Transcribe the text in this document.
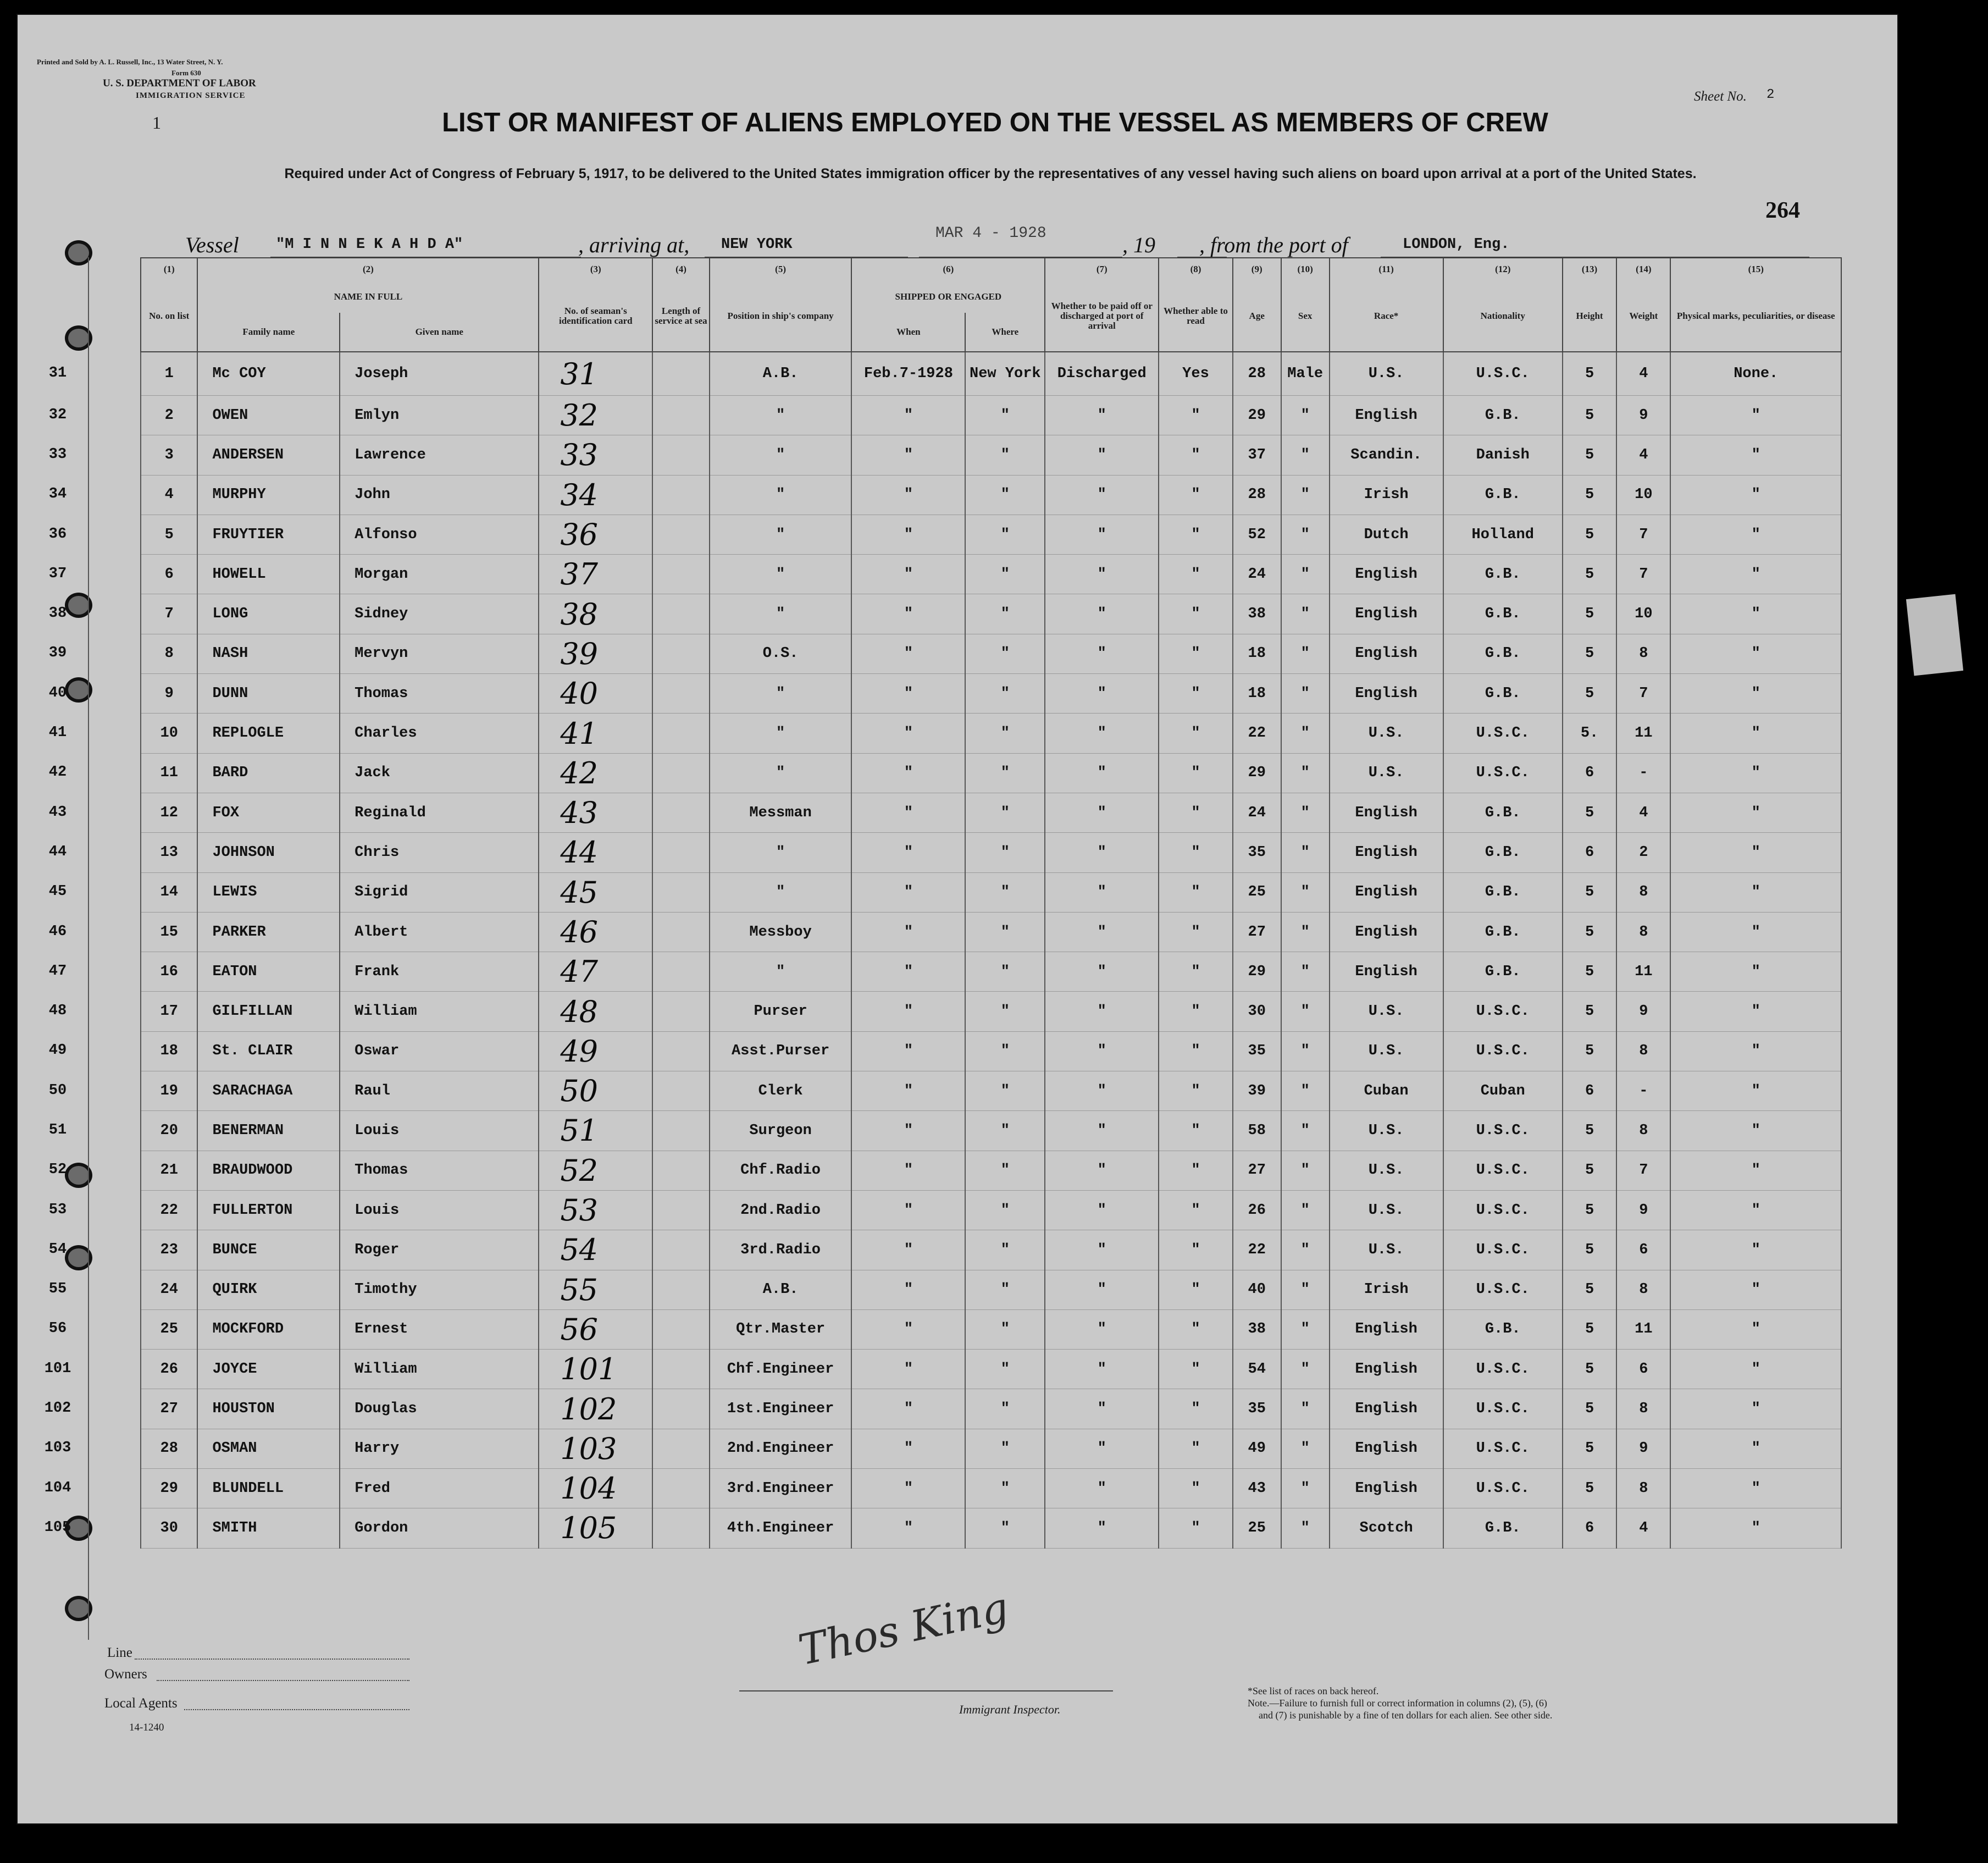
Printed and Sold by A. L. Russell, Inc., 13 Water Street, N. Y.
Form 630
U. S. DEPARTMENT OF LABOR
IMMIGRATION SERVICE
1
Sheet No. 2
LIST OR MANIFEST OF ALIENS EMPLOYED ON THE VESSEL AS MEMBERS OF CREW
Required under Act of Congress of February 5, 1917, to be delivered to the United States immigration officer by the representatives of any vessel having such aliens on board upon arrival at a port of the United States.
264
Vessel "M I N N E K A H D A"	, arriving at, NEW YORK
MAR 4 - 1928	, 19 , from the port of	LONDON, Eng.
31
32
33
34
36
37
38
39
40
41
42
43
44
45
46
47
48
49
50
51
52
53
54
55
56
101
102
103
104
105
(1)	(2)		(3)	(4)	(5)	(6)		(7)	(8)	(9)	(10)	(11)	(12)	(13)	(14)	(15)
No. on list	NAME IN FULL		No. of seaman's identification card	Length of service at sea	Position in ship's company	SHIPPED OR ENGAGED		Whether to be paid off or discharged at port of arrival	Whether able to read	Age	Sex	Race*	Nationality	Height	Weight	Physical marks, peculiarities, or disease
	Family name	Given name				When	Where									
1	Mc COY	Joseph	31		A.B.	Feb.7-1928	New York	Discharged	Yes	28	Male	U.S.	U.S.C.	5	4	None.
2	OWEN	Emlyn	32		"	"	"	"	"	29	"	English	G.B.	5	9	"
3	ANDERSEN	Lawrence	33		"	"	"	"	"	37	"	Scandin.	Danish	5	4	"
4	MURPHY	John	34		"	"	"	"	"	28	"	Irish	G.B.	5	10	"
5	FRUYTIER	Alfonso	36		"	"	"	"	"	52	"	Dutch	Holland	5	7	"
6	HOWELL	Morgan	37		"	"	"	"	"	24	"	English	G.B.	5	7	"
7	LONG	Sidney	38		"	"	"	"	"	38	"	English	G.B.	5	10	"
8	NASH	Mervyn	39		O.S.	"	"	"	"	18	"	English	G.B.	5	8	"
9	DUNN	Thomas	40		"	"	"	"	"	18	"	English	G.B.	5	7	"
10	REPLOGLE	Charles	41		"	"	"	"	"	22	"	U.S.	U.S.C.	5.	11	"
11	BARD	Jack	42		"	"	"	"	"	29	"	U.S.	U.S.C.	6	-	"
12	FOX	Reginald	43		Messman	"	"	"	"	24	"	English	G.B.	5	4	"
13	JOHNSON	Chris	44		"	"	"	"	"	35	"	English	G.B.	6	2	"
14	LEWIS	Sigrid	45		"	"	"	"	"	25	"	English	G.B.	5	8	"
15	PARKER	Albert	46		Messboy	"	"	"	"	27	"	English	G.B.	5	8	"
16	EATON	Frank	47		"	"	"	"	"	29	"	English	G.B.	5	11	"
17	GILFILLAN	William	48		Purser	"	"	"	"	30	"	U.S.	U.S.C.	5	9	"
18	St. CLAIR	Oswar	49		Asst.Purser	"	"	"	"	35	"	U.S.	U.S.C.	5	8	"
19	SARACHAGA	Raul	50		Clerk	"	"	"	"	39	"	Cuban	Cuban	6	-	"
20	BENERMAN	Louis	51		Surgeon	"	"	"	"	58	"	U.S.	U.S.C.	5	8	"
21	BRAUDWOOD	Thomas	52		Chf.Radio	"	"	"	"	27	"	U.S.	U.S.C.	5	7	"
22	FULLERTON	Louis	53		2nd.Radio	"	"	"	"	26	"	U.S.	U.S.C.	5	9	"
23	BUNCE	Roger	54		3rd.Radio	"	"	"	"	22	"	U.S.	U.S.C.	5	6	"
24	QUIRK	Timothy	55		A.B.	"	"	"	"	40	"	Irish	U.S.C.	5	8	"
25	MOCKFORD	Ernest	56		Qtr.Master	"	"	"	"	38	"	English	G.B.	5	11	"
26	JOYCE	William	101		Chf.Engineer	"	"	"	"	54	"	English	U.S.C.	5	6	"
27	HOUSTON	Douglas	102		1st.Engineer	"	"	"	"	35	"	English	U.S.C.	5	8	"
28	OSMAN	Harry	103		2nd.Engineer	"	"	"	"	49	"	English	U.S.C.	5	9	"
29	BLUNDELL	Fred	104		3rd.Engineer	"	"	"	"	43	"	English	U.S.C.	5	8	"
30	SMITH	Gordon	105		4th.Engineer	"	"	"	"	25	"	Scotch	G.B.	6	4	"
Line
Owners
Local Agents
14-1240
Thos King
Immigrant Inspector.
*See list of races on back hereof.
Note.—Failure to furnish full or correct information in columns (2), (5), (6)
and (7) is punishable by a fine of ten dollars for each alien. See other side.
